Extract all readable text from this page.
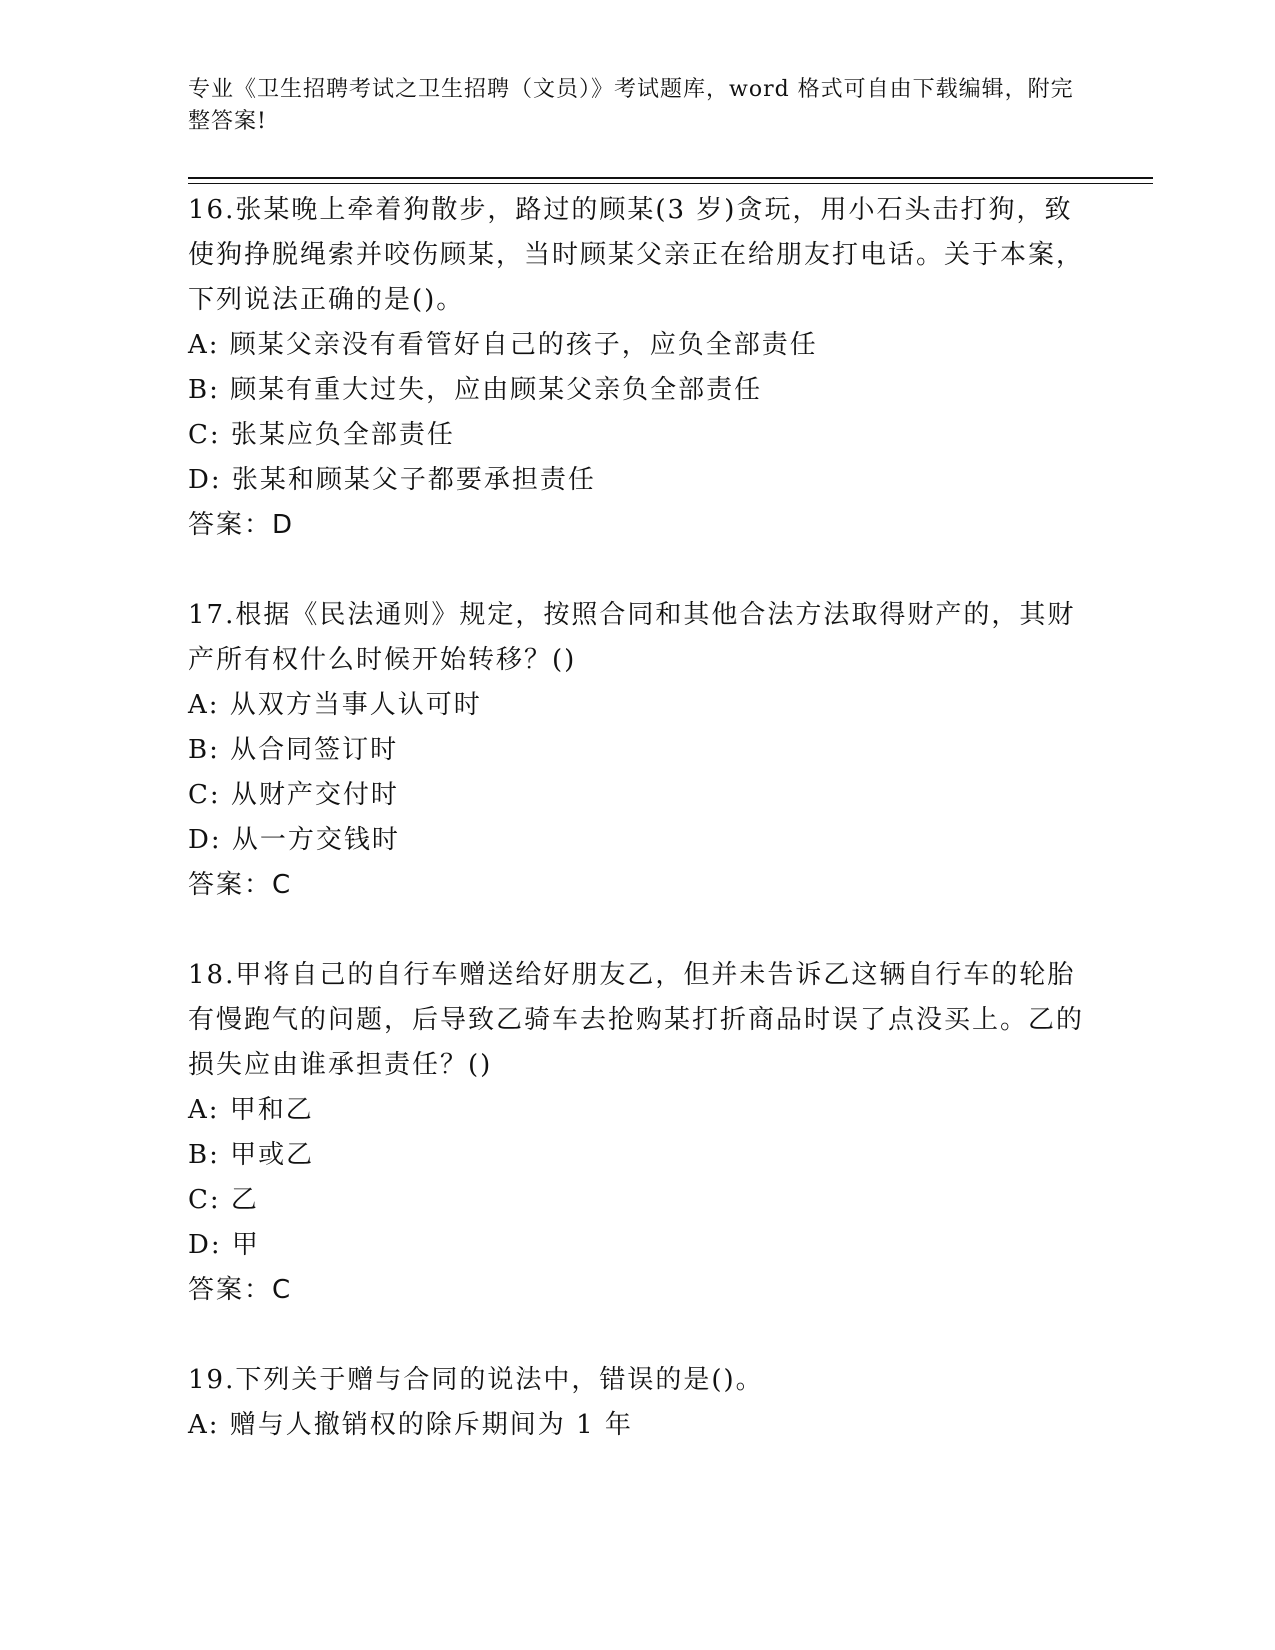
专业《卫生招聘考试之卫生招聘（文员）》考试题库，word 格式可自由下载编辑，附完整答案!

16.张某晚上牵着狗散步，路过的顾某(3 岁)贪玩，用小石头击打狗，致使狗挣脱绳索并咬伤顾某，当时顾某父亲正在给朋友打电话。关于本案，下列说法正确的是()。

A: 顾某父亲没有看管好自己的孩子，应负全部责任

B: 顾某有重大过失，应由顾某父亲负全部责任

C: 张某应负全部责任

D: 张某和顾某父子都要承担责任

答案：D

17.根据《民法通则》规定，按照合同和其他合法方法取得财产的，其财产所有权什么时候开始转移？()

A: 从双方当事人认可时

B: 从合同签订时

C: 从财产交付时

D: 从一方交钱时

答案：C

18.甲将自己的自行车赠送给好朋友乙，但并未告诉乙这辆自行车的轮胎有慢跑气的问题，后导致乙骑车去抢购某打折商品时误了点没买上。乙的损失应由谁承担责任？()

A: 甲和乙

B: 甲或乙

C: 乙

D: 甲

答案：C

19.下列关于赠与合同的说法中，错误的是()。

A: 赠与人撤销权的除斥期间为 1 年
